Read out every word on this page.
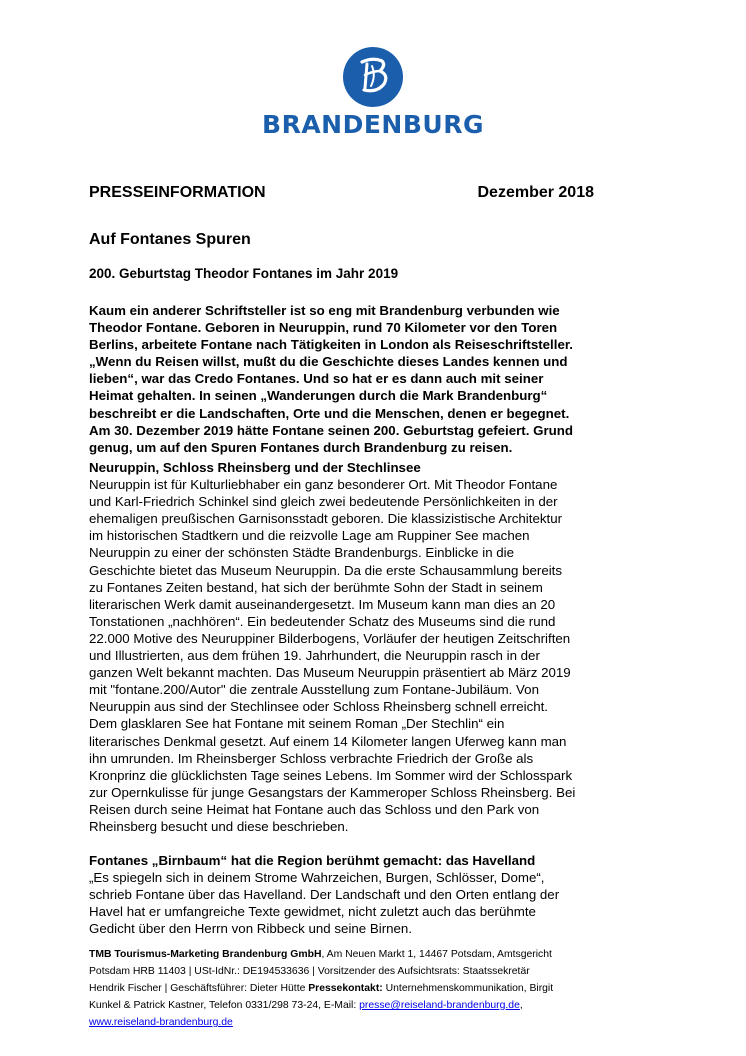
BRANDENBURG
PRESSEINFORMATION	Dezember 2018
Auf Fontanes Spuren
200. Geburtstag Theodor Fontanes im Jahr 2019
Kaum ein anderer Schriftsteller ist so eng mit Brandenburg verbunden wie
Theodor Fontane. Geboren in Neuruppin, rund 70 Kilometer vor den Toren
Berlins, arbeitete Fontane nach Tätigkeiten in London als Reiseschriftsteller.
„Wenn du Reisen willst, mußt du die Geschichte dieses Landes kennen und
lieben“, war das Credo Fontanes. Und so hat er es dann auch mit seiner
Heimat gehalten. In seinen „Wanderungen durch die Mark Brandenburg“
beschreibt er die Landschaften, Orte und die Menschen, denen er begegnet.
Am 30. Dezember 2019 hätte Fontane seinen 200. Geburtstag gefeiert. Grund
genug, um auf den Spuren Fontanes durch Brandenburg zu reisen.
Neuruppin, Schloss Rheinsberg und der Stechlinsee
Neuruppin ist für Kulturliebhaber ein ganz besonderer Ort. Mit Theodor Fontane
und Karl-Friedrich Schinkel sind gleich zwei bedeutende Persönlichkeiten in der
ehemaligen preußischen Garnisonsstadt geboren. Die klassizistische Architektur
im historischen Stadtkern und die reizvolle Lage am Ruppiner See machen
Neuruppin zu einer der schönsten Städte Brandenburgs. Einblicke in die
Geschichte bietet das Museum Neuruppin. Da die erste Schausammlung bereits
zu Fontanes Zeiten bestand, hat sich der berühmte Sohn der Stadt in seinem
literarischen Werk damit auseinandergesetzt. Im Museum kann man dies an 20
Tonstationen „nachhören“. Ein bedeutender Schatz des Museums sind die rund
22.000 Motive des Neuruppiner Bilderbogens, Vorläufer der heutigen Zeitschriften
und Illustrierten, aus dem frühen 19. Jahrhundert, die Neuruppin rasch in der
ganzen Welt bekannt machten. Das Museum Neuruppin präsentiert ab März 2019
mit "fontane.200/Autor" die zentrale Ausstellung zum Fontane-Jubiläum. Von
Neuruppin aus sind der Stechlinsee oder Schloss Rheinsberg schnell erreicht.
Dem glasklaren See hat Fontane mit seinem Roman „Der Stechlin“ ein
literarisches Denkmal gesetzt. Auf einem 14 Kilometer langen Uferweg kann man
ihn umrunden. Im Rheinsberger Schloss verbrachte Friedrich der Große als
Kronprinz die glücklichsten Tage seines Lebens. Im Sommer wird der Schlosspark
zur Opernkulisse für junge Gesangstars der Kammeroper Schloss Rheinsberg. Bei
Reisen durch seine Heimat hat Fontane auch das Schloss und den Park von
Rheinsberg besucht und diese beschrieben.
Fontanes „Birnbaum“ hat die Region berühmt gemacht: das Havelland
„Es spiegeln sich in deinem Strome Wahrzeichen, Burgen, Schlösser, Dome“,
schrieb Fontane über das Havelland. Der Landschaft und den Orten entlang der
Havel hat er umfangreiche Texte gewidmet, nicht zuletzt auch das berühmte
Gedicht über den Herrn von Ribbeck und seine Birnen.
TMB Tourismus-Marketing Brandenburg GmbH, Am Neuen Markt 1, 14467 Potsdam, Amtsgericht
Potsdam HRB 11403 | USt-IdNr.: DE194533636 | Vorsitzender des Aufsichtsrats: Staatssekretär
Hendrik Fischer | Geschäftsführer: Dieter Hütte Pressekontakt: Unternehmenskommunikation, Birgit
Kunkel & Patrick Kastner, Telefon 0331/298 73-24, E-Mail: presse@reiseland-brandenburg.de,
www.reiseland-brandenburg.de
